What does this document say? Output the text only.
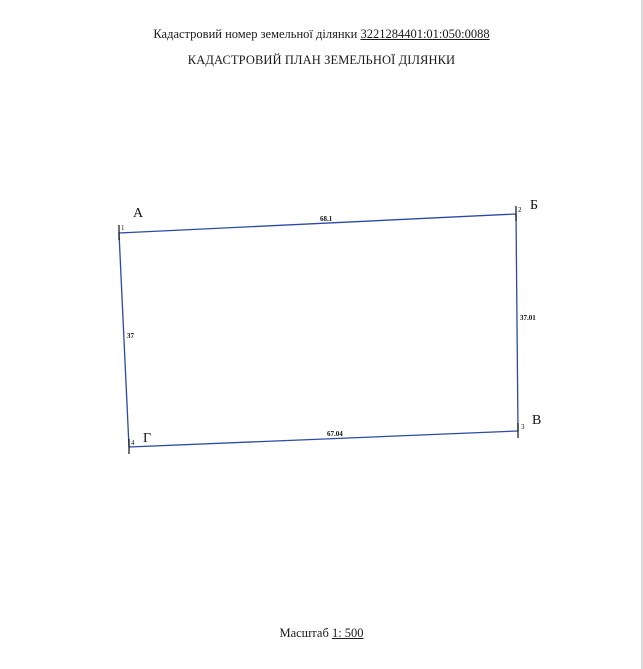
Кадастровий номер земельної ділянки 3221284401:01:050:0088
КАДАСТРОВИЙ ПЛАН ЗЕМЕЛЬНОЇ ДІЛЯНКИ
68.1
37.01
67.04
37
А
1
Б
2
В
3
Г
4
Масштаб 1: 500
